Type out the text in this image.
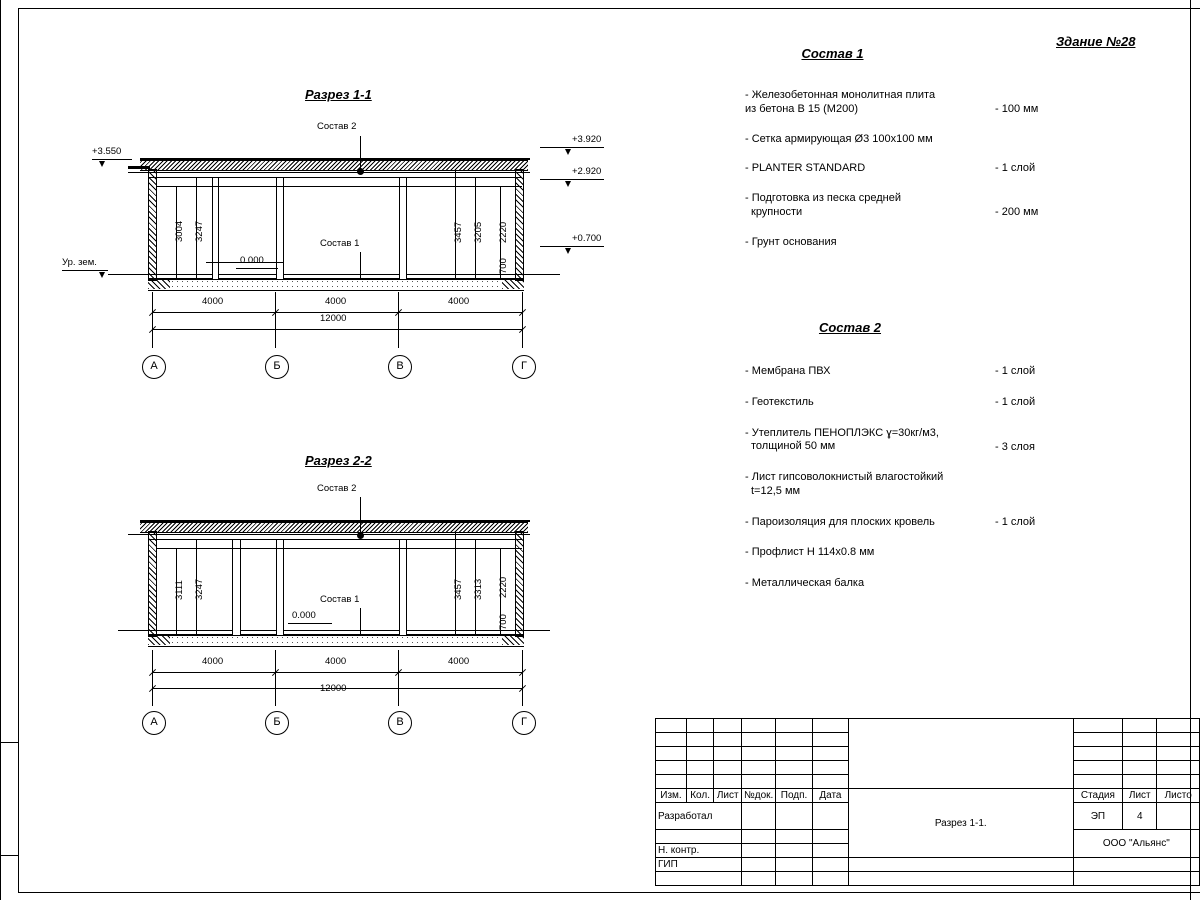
Здание №28
Разрез 1-1
Состав 2
+3.550
Ур. зем.
+3.920
+2.920
+0.700
0.000
Состав 1
3004 3247	3457 3205 2220
700
4000	4000	4000
12000
А	Б	В	Г
Разрез 2-2
Состав 2
0.000
Состав 1
3111 3247	3457 3313 2220
700
4000	4000	4000
12000
А	Б	В	Г
Состав 1
- Железобетонная монолитная плита
из бетона В 15 (М200)	- 100 мм
- Сетка армирующая Ø3 100х100 мм
- PLANTER STANDARD	- 1 слой
- Подготовка из песка средней
крупности	- 200 мм
- Грунт основания
Состав 2
- Мембрана ПВХ	- 1 слой
- Геотекстиль	- 1 слой
- Утеплитель ПЕНОПЛЭКС ɣ=30кг/м3,
толщиной 50 мм	- 3 слоя
- Лист гипсоволокнистый влагостойкий
t=12,5 мм
- Пароизоляция для плоских кровель	- 1 слой
- Профлист Н 114х0.8 мм
- Металлическая балка

Изм.	Кол.	Лист	№док.	Подп.	Дата	Разрез 1-1.	Стадия	Лист	Листо
Разработал							ЭП	4	
							ООО "Альянс"		
Н. контр.									
ГИП									
